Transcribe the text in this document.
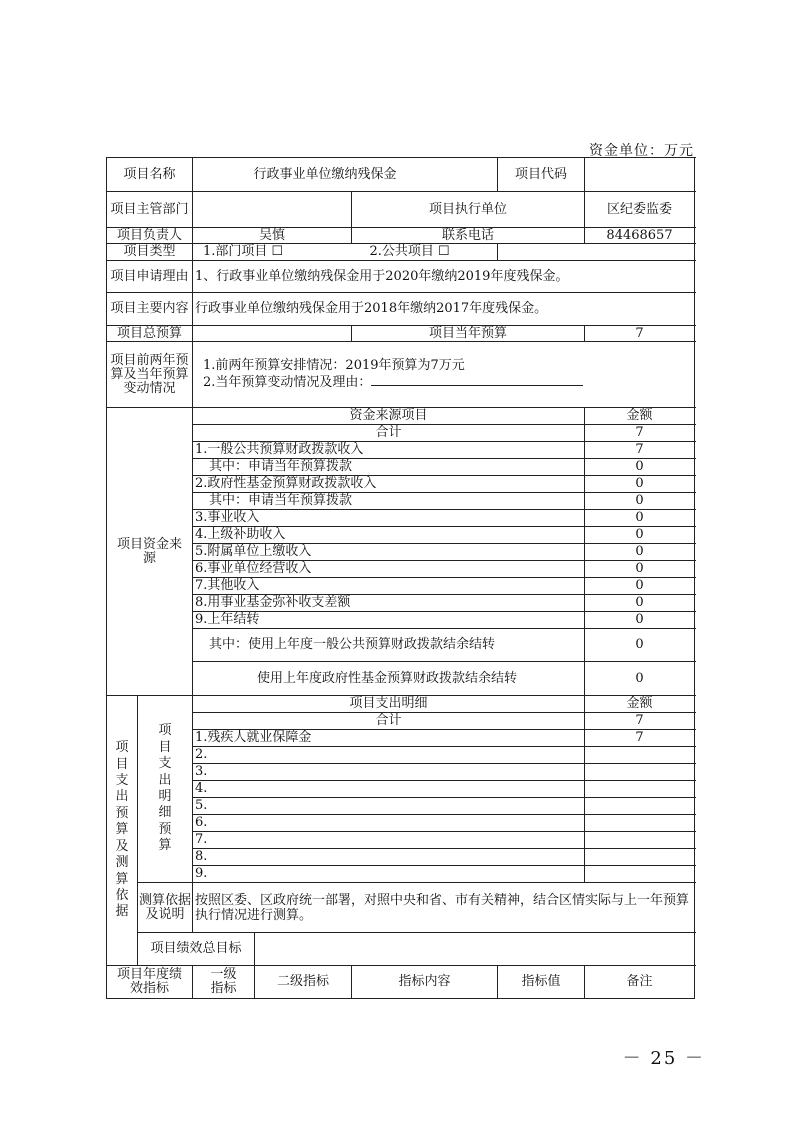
资金单位：万元
项目名称		行政事业单位缴纳残保金			项目代码	
项目主管部门				项目执行单位		区纪委监委
项目负责人		吴慎		联系电话		84468657
项目类型		1.部门项目 ☐ 2.公共项目 ☐				
项目申请理由		1、行政事业单位缴纳残保金用于2020年缴纳2019年度残保金。				
项目主要内容		行政事业单位缴纳残保金用于2018年缴纳2017年度残保金。				
项目总预算				项目当年预算		7
项目前两年预算及当年预算变动情况		1.前两年预算安排情况：2019年预算为7万元
2.当年预算变动情况及理由：				

项目资金来源		资金来源项目				金额
		合计				7
		1.一般公共预算财政拨款收入				7
		其中：申请当年预算拨款				0
		2.政府性基金预算财政拨款收入				0
		其中：申请当年预算拨款				0
		3.事业收入				0
		4.上级补助收入				0
		5.附属单位上缴收入				0
		6.事业单位经营收入				0
		7.其他收入				0
		8.用事业基金弥补收支差额				0
		9.上年结转				0
		其中：使用上年度一般公共预算财政拨款结余结转				0
		使用上年度政府性基金预算财政拨款结余结转				0

项目支出预算及测算依据	项目支出明细预算	项目支出明细				金额
		合计				7
		1.残疾人就业保障金				7
		2.				
		3.				
		4.				
		5.				
		6.				
		7.				
		8.				
		9.				
	测算依据及说明	按照区委、区政府统一部署，对照中央和省、市有关精神，结合区情实际与上一年预算执行情况进行测算。				
	项目绩效总目标					
项目年度绩效指标		一级指标	二级指标	指标内容	指标值	备注
－ 25 －
